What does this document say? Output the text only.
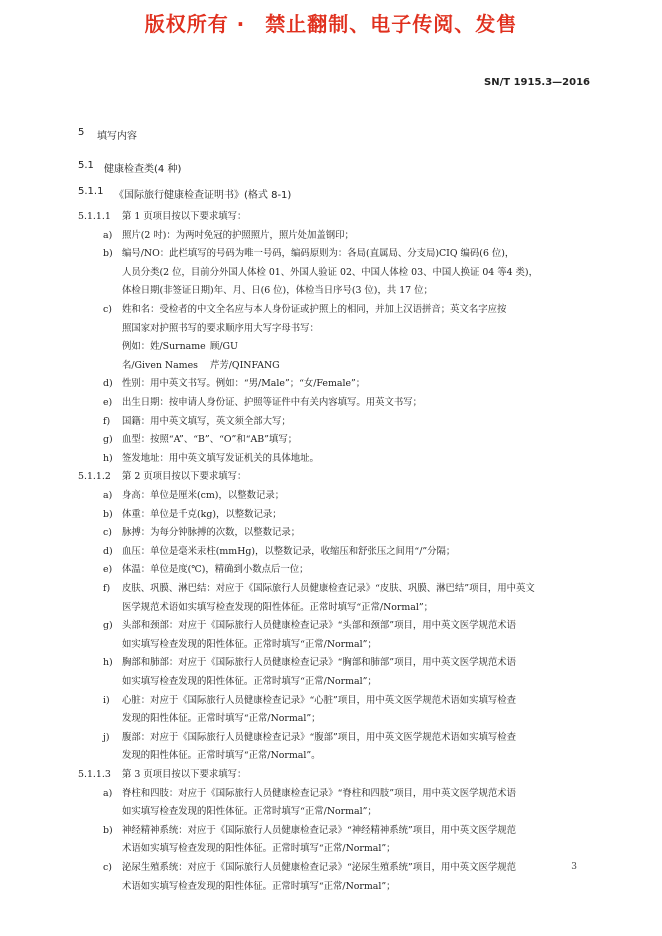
版权所有 · 禁止翻制、电子传阅、发售
SN/T 1915.3—2016
5 填写内容
5.1 健康检查类(4 种)
5.1.1 《国际旅行健康检查证明书》(格式 8-1)
5.1.1.1 第 1 页项目按以下要求填写：
a) 照片(2 吋)：为两吋免冠的护照照片，照片处加盖钢印；
b) 编号/NO：此栏填写的号码为唯一号码，编码原则为：各局(直属局、分支局)CIQ 编码(6 位)，
人员分类(2 位，目前分外国人体检 01、外国人验证 02、中国人体检 03、中国人换证 04 等4 类)，
体检日期(非签证日期)年、月、日(6 位)，体检当日序号(3 位)，共 17 位；
c) 姓和名：受检者的中文全名应与本人身份证或护照上的相同，并加上汉语拼音；英文名字应按
照国家对护照书写的要求顺序用大写字母书写：
例如：姓/Surname 顾/GU
名/Given Names 芹芳/QINFANG
d) 性别：用中英文书写。例如：“男/Male”；“女/Female”；
e) 出生日期：按申请人身份证、护照等证件中有关内容填写。用英文书写；
f) 国籍：用中英文填写，英文须全部大写；
g) 血型：按照“A”、“B”、“O”和“AB”填写；
h) 签发地址：用中英文填写发证机关的具体地址。
5.1.1.2 第 2 页项目按以下要求填写：
a) 身高：单位是厘米(cm)，以整数记录；
b) 体重：单位是千克(kg)，以整数记录；
c) 脉搏：为每分钟脉搏的次数，以整数记录；
d) 血压：单位是毫米汞柱(mmHg)，以整数记录，收缩压和舒张压之间用“/”分隔；
e) 体温：单位是度(℃)，精确到小数点后一位；
f) 皮肤、巩膜、淋巴结：对应于《国际旅行人员健康检查记录》“皮肤、巩膜、淋巴结”项目，用中英文
医学规范术语如实填写检查发现的阳性体征。正常时填写“正常/Normal”；
g) 头部和颈部：对应于《国际旅行人员健康检查记录》“头部和颈部”项目，用中英文医学规范术语
如实填写检查发现的阳性体征。正常时填写“正常/Normal”；
h) 胸部和肺部：对应于《国际旅行人员健康检查记录》“胸部和肺部”项目，用中英文医学规范术语
如实填写检查发现的阳性体征。正常时填写“正常/Normal”；
i) 心脏：对应于《国际旅行人员健康检查记录》“心脏”项目，用中英文医学规范术语如实填写检查
发现的阳性体征。正常时填写“正常/Normal”；
j) 腹部：对应于《国际旅行人员健康检查记录》“腹部”项目，用中英文医学规范术语如实填写检查
发现的阳性体征。正常时填写“正常/Normal”。
5.1.1.3 第 3 页项目按以下要求填写：
a) 脊柱和四肢：对应于《国际旅行人员健康检查记录》“脊柱和四肢”项目，用中英文医学规范术语
如实填写检查发现的阳性体征。正常时填写“正常/Normal”；
b) 神经精神系统：对应于《国际旅行人员健康检查记录》“神经精神系统”项目，用中英文医学规范
术语如实填写检查发现的阳性体征。正常时填写“正常/Normal”；
c) 泌尿生殖系统：对应于《国际旅行人员健康检查记录》“泌尿生殖系统”项目，用中英文医学规范
术语如实填写检查发现的阳性体征。正常时填写“正常/Normal”；
3
